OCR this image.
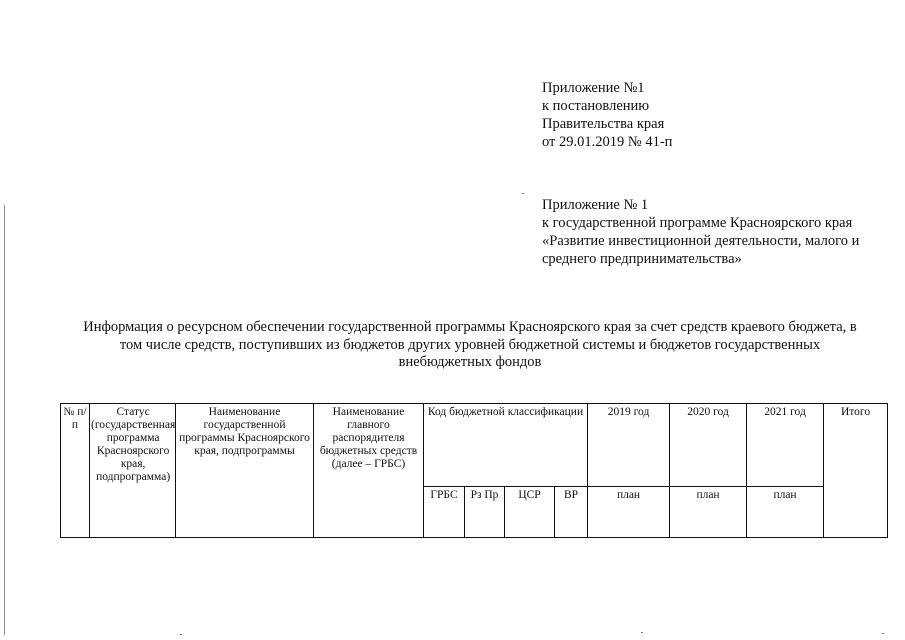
Приложение №1
к постановлению
Правительства края
от 29.01.2019 № 41-п
Приложение № 1
к государственной программе Красноярского края
«Развитие инвестиционной деятельности, малого и
среднего предпринимательства»
Информация о ресурсном обеспечении государственной программы Красноярского края за счет средств краевого бюджета, в
том числе средств, поступивших из бюджетов других уровней бюджетной системы и бюджетов государственных
внебюджетных фондов
№ п/п	Статус (государственная программа Красноярского края, подпрограмма)	Наименование государственной программы Красноярского края, подпрограммы	Наименование главного распорядителя бюджетных средств (далее – ГРБС)	Код бюджетной классификации				2019 год	2020 год	2021 год	Итого
				ГРБС	Рз Пр	ЦСР	ВР	план	план	план	
